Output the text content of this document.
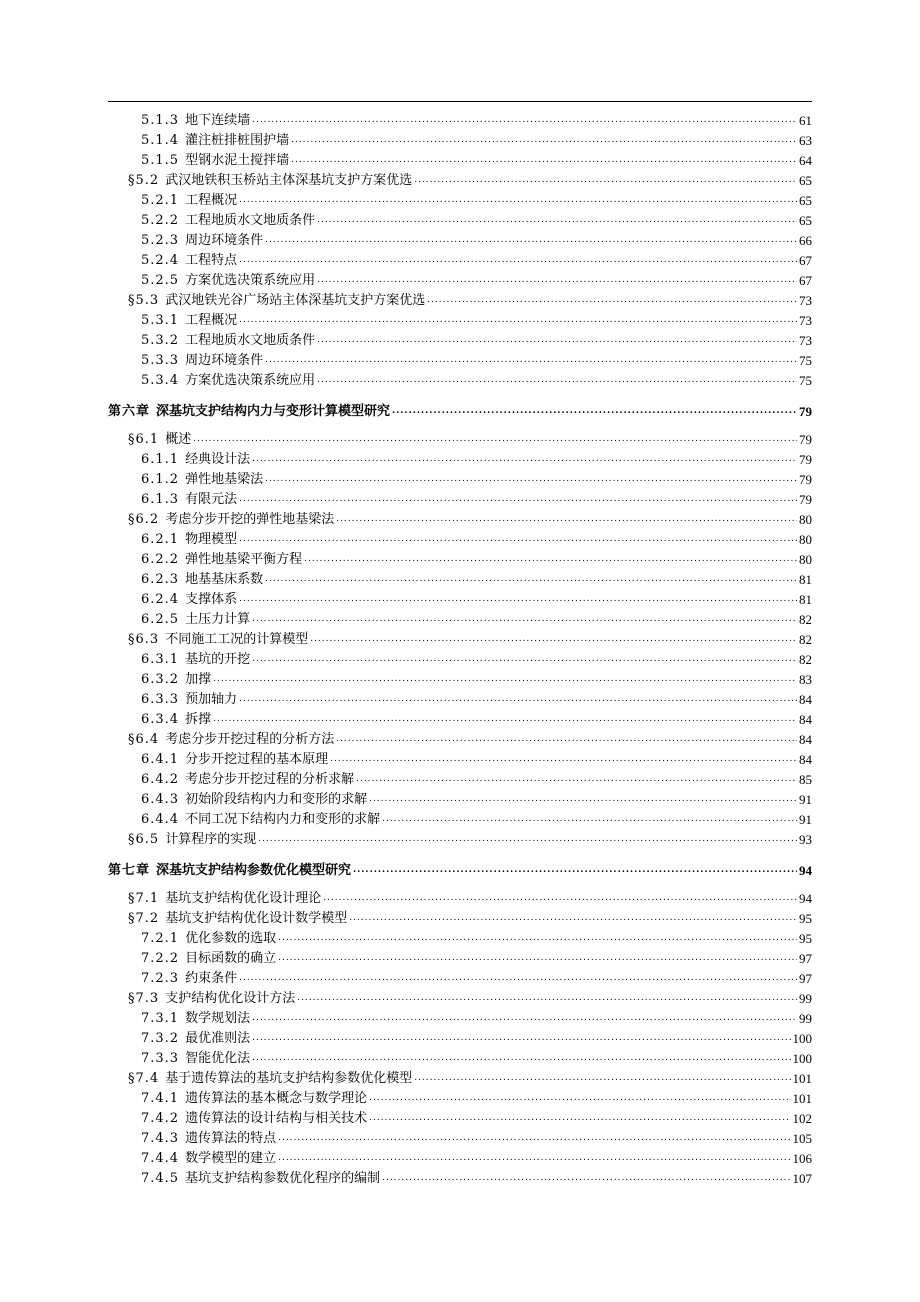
5.1.3 地下连续墙 .....	61
5.1.4 灌注桩排桩围护墙 .....	63
5.1.5 型钢水泥土搅拌墙 .....	64
§5.2 武汉地铁积玉桥站主体深基坑支护方案优选 .....	65
5.2.1 工程概况 .....	65
5.2.2 工程地质水文地质条件 .....	65
5.2.3 周边环境条件 .....	66
5.2.4 工程特点 .....	67
5.2.5 方案优选决策系统应用 .....	67
§5.3 武汉地铁光谷广场站主体深基坑支护方案优选 .....	73
5.3.1 工程概况 .....	73
5.3.2 工程地质水文地质条件 .....	73
5.3.3 周边环境条件 .....	75
5.3.4 方案优选决策系统应用 .....	75
第六章 深基坑支护结构内力与变形计算模型研究 .....	79
§6.1 概述 .....	79
6.1.1 经典设计法 .....	79
6.1.2 弹性地基梁法 .....	79
6.1.3 有限元法 .....	79
§6.2 考虑分步开挖的弹性地基梁法 .....	80
6.2.1 物理模型 .....	80
6.2.2 弹性地基梁平衡方程 .....	80
6.2.3 地基基床系数 .....	81
6.2.4 支撑体系 .....	81
6.2.5 土压力计算 .....	82
§6.3 不同施工工况的计算模型 .....	82
6.3.1 基坑的开挖 .....	82
6.3.2 加撑 .....	83
6.3.3 预加轴力 .....	84
6.3.4 拆撑 .....	84
§6.4 考虑分步开挖过程的分析方法 .....	84
6.4.1 分步开挖过程的基本原理 .....	84
6.4.2 考虑分步开挖过程的分析求解 .....	85
6.4.3 初始阶段结构内力和变形的求解 .....	91
6.4.4 不同工况下结构内力和变形的求解 .....	91
§6.5 计算程序的实现 .....	93
第七章 深基坑支护结构参数优化模型研究 .....	94
§7.1 基坑支护结构优化设计理论 .....	94
§7.2 基坑支护结构优化设计数学模型 .....	95
7.2.1 优化参数的选取 .....	95
7.2.2 目标函数的确立 .....	97
7.2.3 约束条件 .....	97
§7.3 支护结构优化设计方法 .....	99
7.3.1 数学规划法 .....	99
7.3.2 最优准则法 .....	100
7.3.3 智能优化法 .....	100
§7.4 基于遗传算法的基坑支护结构参数优化模型 .....	101
7.4.1 遗传算法的基本概念与数学理论 .....	101
7.4.2 遗传算法的设计结构与相关技术 .....	102
7.4.3 遗传算法的特点 .....	105
7.4.4 数学模型的建立 .....	106
7.4.5 基坑支护结构参数优化程序的编制 .....	107
